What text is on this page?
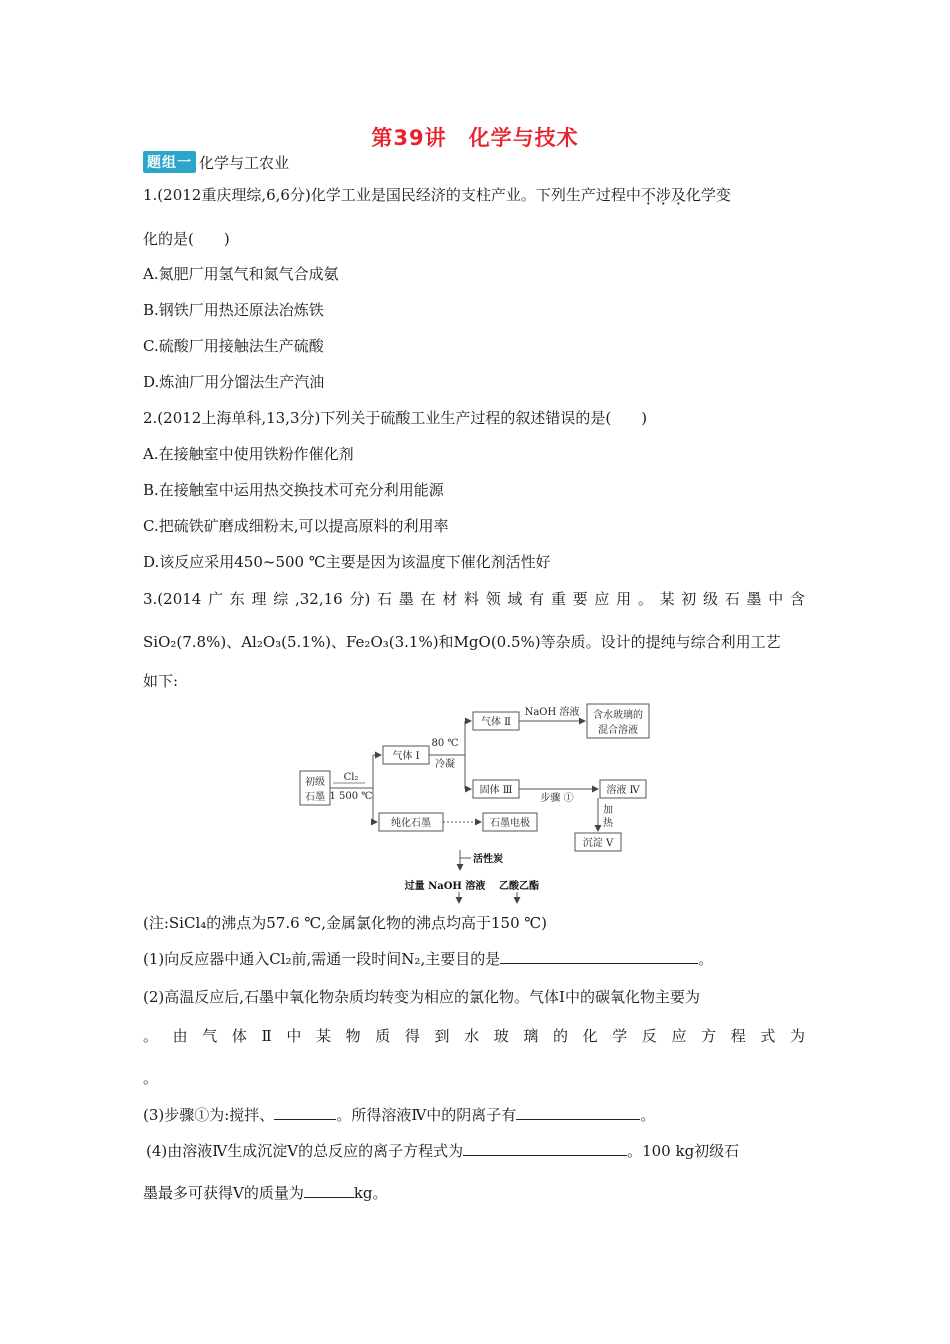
第39讲　化学与技术
题组一 化学与工农业
1.(2012重庆理综,6,6分)化学工业是国民经济的支柱产业。下列生产过程中不涉及化学变
化的是(　　)
A.氮肥厂用氢气和氮气合成氨
B.钢铁厂用热还原法冶炼铁
C.硫酸厂用接触法生产硫酸
D.炼油厂用分馏法生产汽油
2.(2012上海单科,13,3分)下列关于硫酸工业生产过程的叙述错误的是(　　)
A.在接触室中使用铁粉作催化剂
B.在接触室中运用热交换技术可充分利用能源
C.把硫铁矿磨成细粉末,可以提高原料的利用率
D.该反应采用450~500 ℃主要是因为该温度下催化剂活性好
3.(2014 广 东 理 综 ,32,16 分) 石 墨 在 材 料 领 域 有 重 要 应 用 。 某 初 级 石 墨 中 含
SiO₂(7.8%)、Al₂O₃(5.1%)、Fe₂O₃(3.1%)和MgO(0.5%)等杂质。设计的提纯与综合利用工艺
如下:
初级
石墨
Cl₂
1 500 ℃
气体 Ⅰ
80 ℃
冷凝
气体 Ⅱ
NaOH 溶液 含水玻璃的
混合溶液
固体 Ⅲ
步骤 ①
溶液 Ⅳ
加
热
沉淀 Ⅴ
纯化石墨	石墨电极
活性炭
过量 NaOH 溶液 乙酸乙酯
(注:SiCl₄的沸点为57.6 ℃,金属氯化物的沸点均高于150 ℃)
(1)向反应器中通入Cl₂前,需通一段时间N₂,主要目的是	。
(2)高温反应后,石墨中氧化物杂质均转变为相应的氯化物。气体Ⅰ中的碳氧化物主要为
。 由 气 体 Ⅱ 中 某 物 质 得 到 水 玻 璃 的 化 学 反 应 方 程 式 为
。
(3)步骤①为:搅拌、	。所得溶液Ⅳ中的阴离子有	。
(4)由溶液Ⅳ生成沉淀Ⅴ的总反应的离子方程式为	。100 kg初级石
墨最多可获得Ⅴ的质量为	kg。
